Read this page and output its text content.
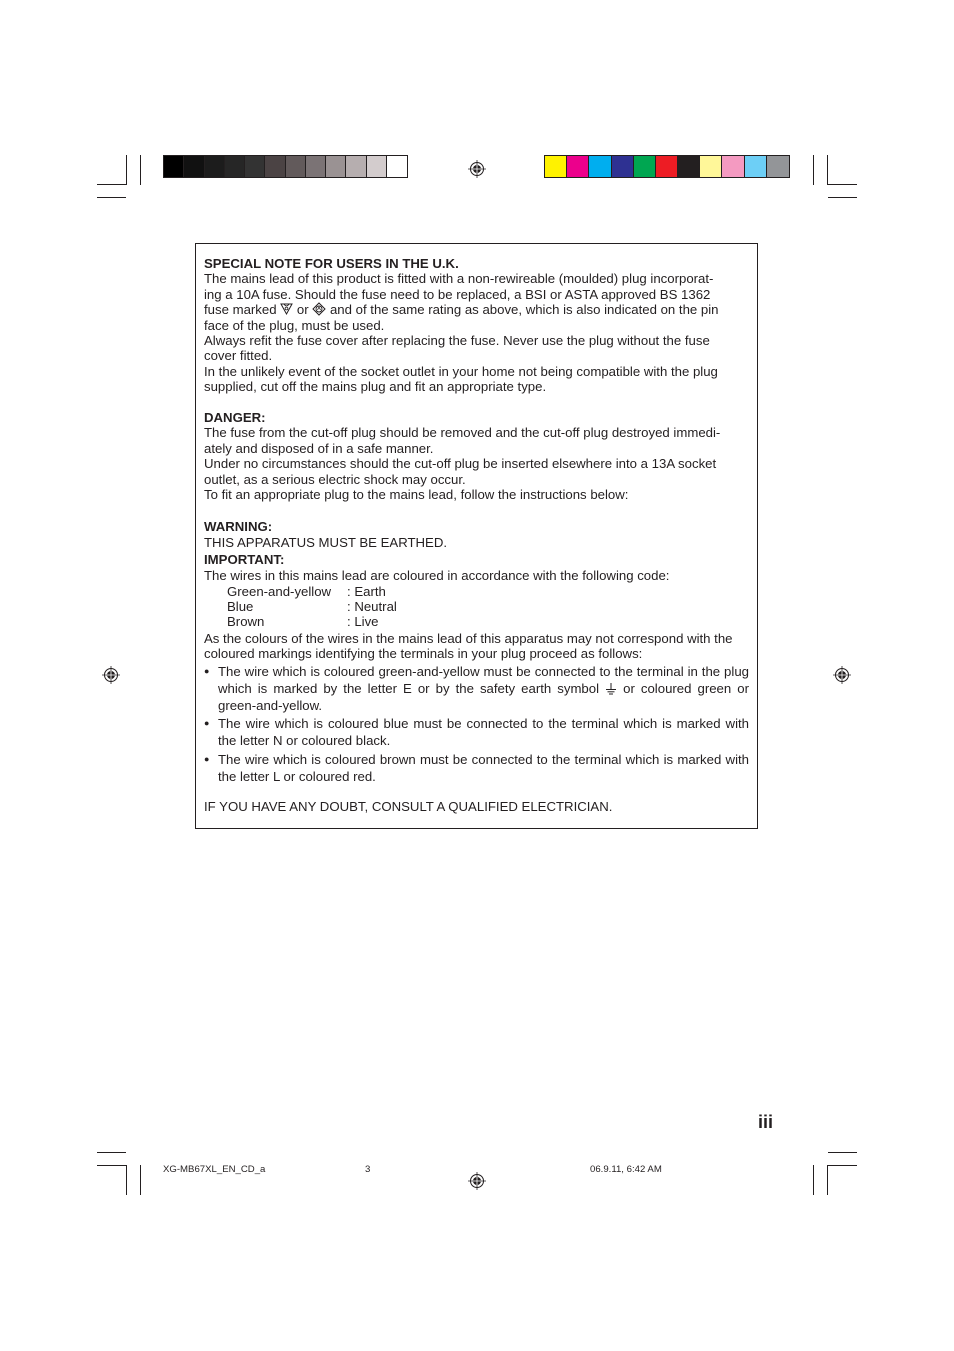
SPECIAL NOTE FOR USERS IN THE U.K.

The mains lead of this product is fitted with a non-rewireable (moulded) plug incorporat-

ing a 10A fuse. Should the fuse need to be replaced, a BSI or ASTA approved BS 1362

fuse marked  or  and of the same rating as above, which is also indicated on the pin

face of the plug, must be used.

Always refit the fuse cover after replacing the fuse. Never use the plug without the fuse

cover fitted.

In the unlikely event of the socket outlet in your home not being compatible with the plug

supplied, cut off the mains plug and fit an appropriate type.

DANGER:

The fuse from the cut-off plug should be removed and the cut-off plug destroyed immedi-

ately and disposed of in a safe manner.

Under no circumstances should the cut-off plug be inserted elsewhere into a 13A socket

outlet, as a serious electric shock may occur.

To fit an appropriate plug to the mains lead, follow the instructions below:

WARNING:

THIS APPARATUS MUST BE EARTHED.

IMPORTANT:

The wires in this mains lead are coloured in accordance with the following code:

Green-and-yellow	: Earth
Blue	: Neutral
Brown	: Live

As the colours of the wires in the mains lead of this apparatus may not correspond with the

coloured markings identifying the terminals in your plug proceed as follows:

● The wire which is coloured green-and-yellow must be connected to the terminal in the plug which is marked by the letter E or by the safety earth symbol  or coloured green or green-and-yellow.
● The wire which is coloured blue must be connected to the terminal which is marked with the letter N or coloured black.
● The wire which is coloured brown must be connected to the terminal which is marked with the letter L or coloured red.

IF YOU HAVE ANY DOUBT, CONSULT A QUALIFIED ELECTRICIAN.

iii
XG-MB67XL_EN_CD_a	3	06.9.11, 6:42 AM
